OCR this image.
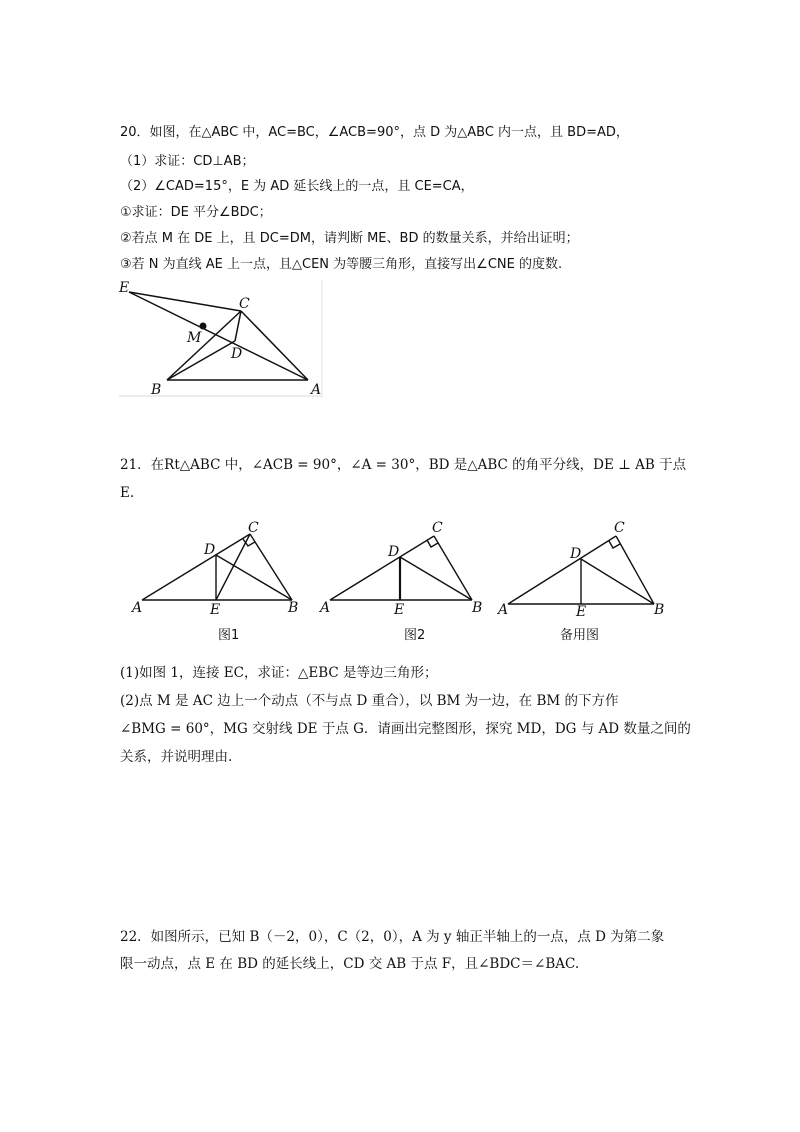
20．如图，在△ABC 中，AC=BC，∠ACB=90°，点 D 为△ABC 内一点，且 BD=AD，
（1）求证：CD⊥AB；
（2）∠CAD=15°，E 为 AD 延长线上的一点，且 CE=CA，
①求证：DE 平分∠BDC；
②若点 M 在 DE 上，且 DC=DM，请判断 ME、BD 的数量关系，并给出证明；
③若 N 为直线 AE 上一点，且△CEN 为等腰三角形，直接写出∠CNE 的度数.
E
C
M
D
B	A
21．在Rt△ABC 中，∠ACB = 90°，∠A = 30°，BD 是△ABC 的角平分线，DE ⊥ AB 于点
E.
A	B
C
D
E
图1
A	B
C
D
E
图2
A	B
C
D
E
备用图
(1)如图 1，连接 EC，求证：△EBC 是等边三角形；
(2)点 M 是 AC 边上一个动点（不与点 D 重合），以 BM 为一边，在 BM 的下方作
∠BMG = 60°，MG 交射线 DE 于点 G．请画出完整图形，探究 MD，DG 与 AD 数量之间的
关系，并说明理由.
22．如图所示，已知 B（－2，0），C（2，0），A 为 y 轴正半轴上的一点，点 D 为第二象
限一动点，点 E 在 BD 的延长线上，CD 交 AB 于点 F，且∠BDC＝∠BAC.
